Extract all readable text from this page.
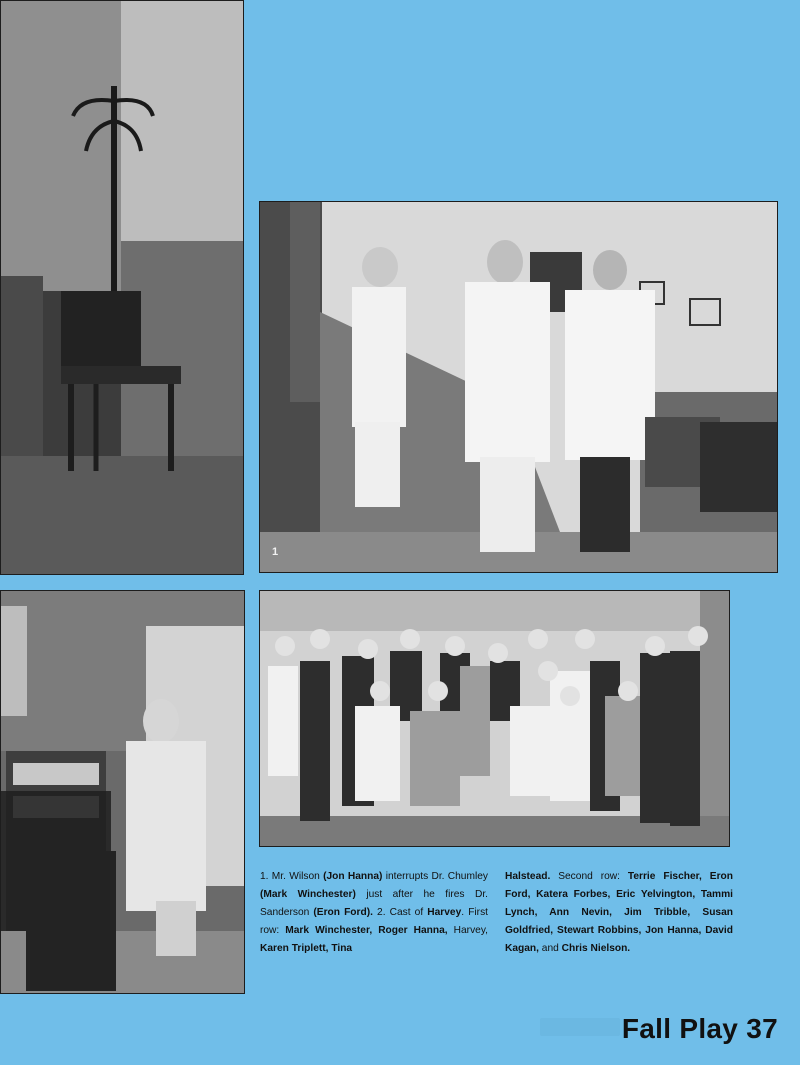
1

1. Mr. Wilson (Jon Hanna) interrupts Dr. Chumley (Mark Winchester) just after he fires Dr. Sanderson (Eron Ford). 2. Cast of Harvey. First row: Mark Winchester, Roger Hanna, Harvey, Karen Triplett, Tina

Halstead. Second row: Terrie Fischer, Eron Ford, Katera Forbes, Eric Yelvington, Tammi Lynch, Ann Nevin, Jim Tribble, Susan Goldfried, Stewart Robbins, Jon Hanna, David Kagan, and Chris Nielson.

Fall Play 37
